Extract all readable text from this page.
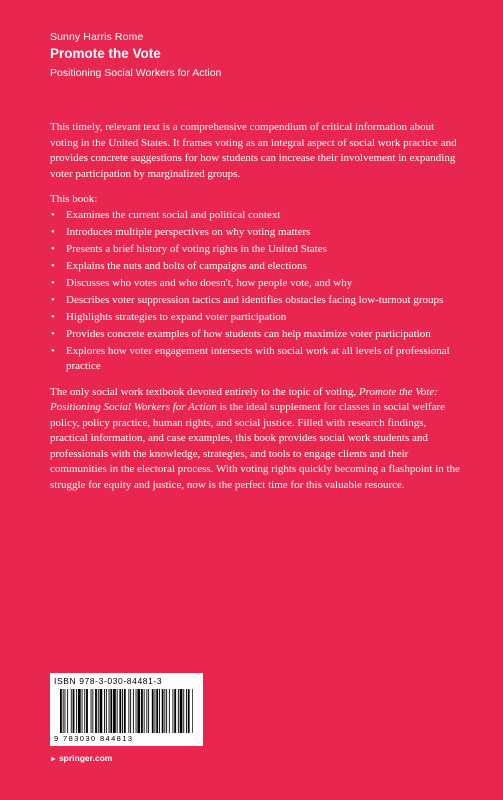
Sunny Harris Rome
Promote the Vote
Positioning Social Workers for Action

This timely, relevant text is a comprehensive compendium of critical information about voting in the United States. It frames voting as an integral aspect of social work practice and provides concrete suggestions for how students can increase their involvement in expanding voter participation by marginalized groups.

This book:

• Examines the current social and political context
• Introduces multiple perspectives on why voting matters
• Presents a brief history of voting rights in the United States
• Explains the nuts and bolts of campaigns and elections
• Discusses who votes and who doesn't, how people vote, and why
• Describes voter suppression tactics and identifies obstacles facing low-turnout groups
• Highlights strategies to expand voter participation
• Provides concrete examples of how students can help maximize voter participation
• Explores how voter engagement intersects with social work at all levels of professional practice

The only social work textbook devoted entirely to the topic of voting, Promote the Vote: Positioning Social Workers for Action is the ideal supplement for classes in social welfare policy, policy practice, human rights, and social justice. Filled with research findings, practical information, and case examples, this book provides social work students and professionals with the knowledge, strategies, and tools to engage clients and their communities in the electoral process. With voting rights quickly becoming a flashpoint in the struggle for equity and justice, now is the perfect time for this valuable resource.

ISBN 978-3-030-84481-3
9 783030 844813
► springer.com
